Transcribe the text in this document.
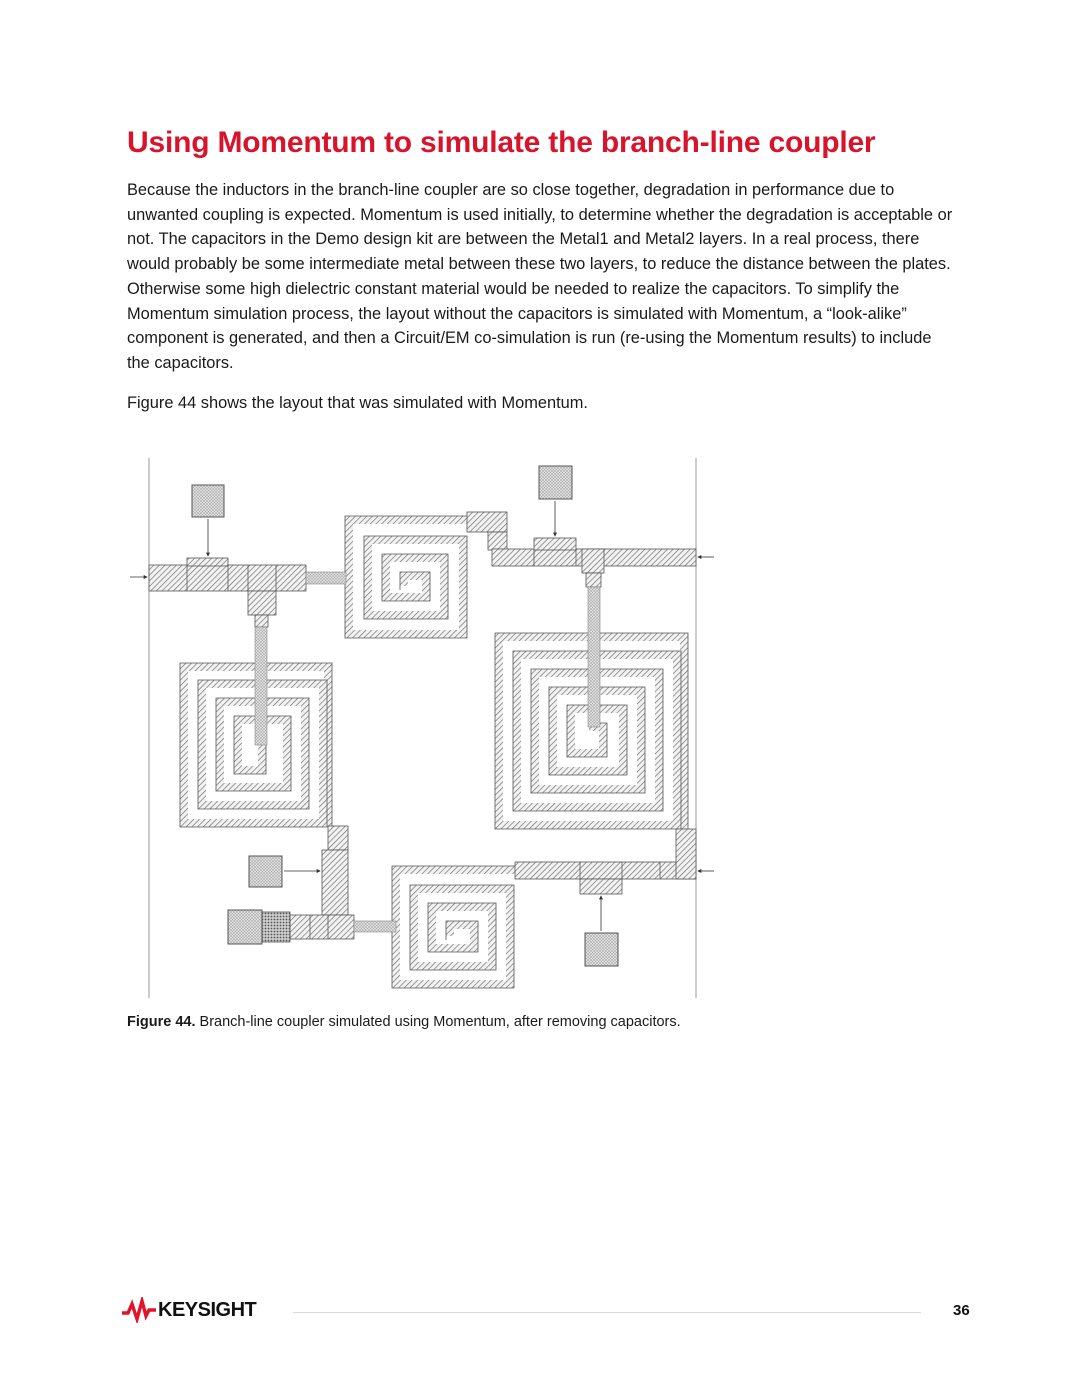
Using Momentum to simulate the branch-line coupler

Because the inductors in the branch-line coupler are so close together, degradation in performance due to unwanted coupling is expected. Momentum is used initially, to determine whether the degradation is acceptable or not. The capacitors in the Demo design kit are between the Metal1 and Metal2 layers. In a real process, there would probably be some intermediate metal between these two layers, to reduce the distance between the plates. Otherwise some high dielectric constant material would be needed to realize the capacitors. To simplify the Momentum simulation process, the layout without the capacitors is simulated with Momentum, a “look-alike” component is generated, and then a Circuit/EM co-simulation is run (re-using the Momentum results) to include the capacitors.

Figure 44 shows the layout that was simulated with Momentum.

Figure 44. Branch-line coupler simulated using Momentum, after removing capacitors.

KEYSIGHT	36
